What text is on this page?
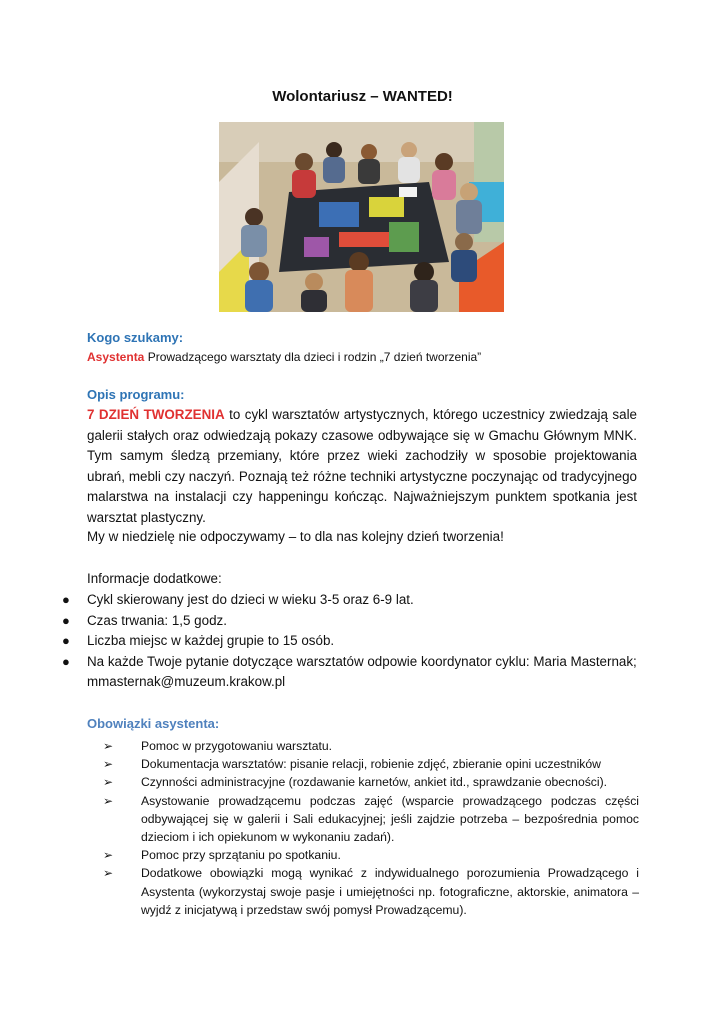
Wolontariusz – WANTED!
Kogo szukamy:
Asystenta Prowadzącego warsztaty dla dzieci i rodzin „7 dzień tworzenia”
Opis programu:
7 DZIEŃ TWORZENIA to cykl warsztatów artystycznych, którego uczestnicy zwiedzają sale galerii stałych oraz odwiedzają pokazy czasowe odbywające się w Gmachu Głównym MNK. Tym samym śledzą przemiany, które przez wieki zachodziły w sposobie projektowania ubrań, mebli czy naczyń. Poznają też różne techniki artystyczne poczynając od tradycyjnego malarstwa na instalacji czy happeningu kończąc. Najważniejszym punktem spotkania jest warsztat plastyczny.
My w niedzielę nie odpoczywamy – to dla nas kolejny dzień tworzenia!
Informacje dodatkowe:
● Cykl skierowany jest do dzieci w wieku 3-5 oraz 6-9 lat.
● Czas trwania: 1,5 godz.
● Liczba miejsc w każdej grupie to 15 osób.
● Na każde Twoje pytanie dotyczące warsztatów odpowie koordynator cyklu: Maria Masternak; mmasternak@muzeum.krakow.pl
Obowiązki asystenta:
➢ Pomoc w przygotowaniu warsztatu.
➢ Dokumentacja warsztatów: pisanie relacji, robienie zdjęć, zbieranie opini uczestników
➢ Czynności administracyjne (rozdawanie karnetów, ankiet itd., sprawdzanie obecności).
➢ Asystowanie prowadzącemu podczas zajęć (wsparcie prowadzącego podczas części odbywającej się w galerii i Sali edukacyjnej; jeśli zajdzie potrzeba – bezpośrednia pomoc dzieciom i ich opiekunom w wykonaniu zadań).
➢ Pomoc przy sprzątaniu po spotkaniu.
➢ Dodatkowe obowiązki mogą wynikać z indywidualnego porozumienia Prowadzącego i Asystenta (wykorzystaj swoje pasje i umiejętności np. fotograficzne, aktorskie, animatora – wyjdź z inicjatywą i przedstaw swój pomysł Prowadzącemu).
